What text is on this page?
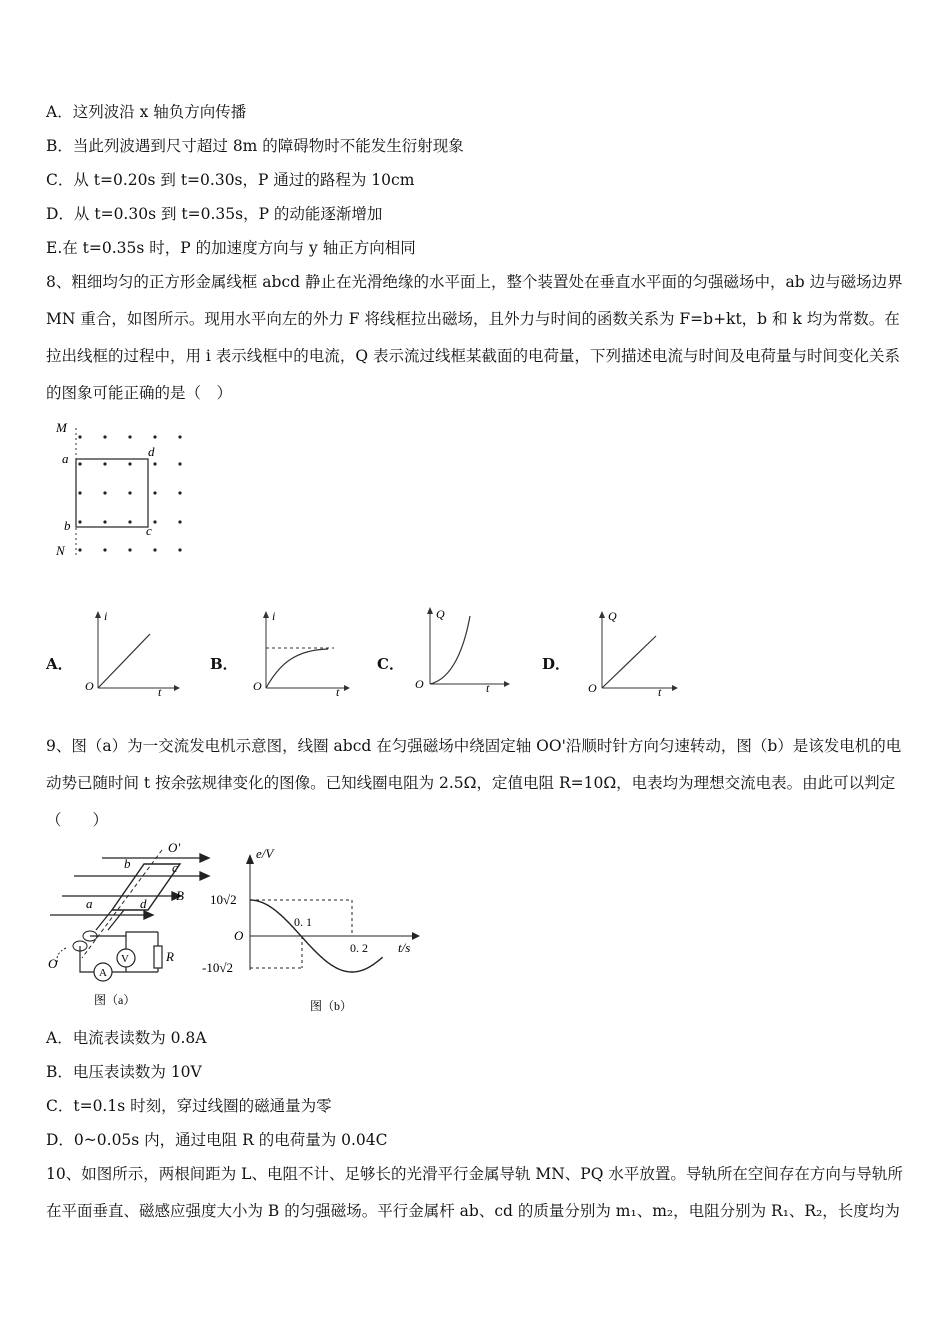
A．这列波沿 x 轴负方向传播
B．当此列波遇到尺寸超过 8m 的障碍物时不能发生衍射现象
C．从 t=0.20s 到 t=0.30s，P 通过的路程为 10cm
D．从 t=0.30s 到 t=0.35s，P 的动能逐渐增加
E.在 t=0.35s 时，P 的加速度方向与 y 轴正方向相同
8、粗细均匀的正方形金属线框 abcd 静止在光滑绝缘的水平面上，整个装置处在垂直水平面的匀强磁场中，ab 边与磁场边界 MN 重合，如图所示。现用水平向左的外力 F 将线框拉出磁场，且外力与时间的函数关系为 F=b+kt，b 和 k 均为常数。在拉出线框的过程中，用 i 表示线框中的电流，Q 表示流过线框某截面的电荷量，下列描述电流与时间及电荷量与时间变化关系的图象可能正确的是（　）
M
a	d
b	c
N
A．
i
t
O
B．
i
t
O
C．
Q
t
O
D．
Q
t
O
9、图（a）为一交流发电机示意图，线圈 abcd 在匀强磁场中绕固定轴 OO'沿顺时针方向匀速转动，图（b）是该发电机的电动势已随时间 t 按余弦规律变化的图像。已知线圈电阻为 2.5Ω，定值电阻 R=10Ω，电表均为理想交流电表。由此可以判定（　　）
V
A
R
O'
O
b	c
a	d
B
图（a）
e/V
t/s
10√2
-10√2
O
0. 1
0. 2
图（b）
A．电流表读数为 0.8A
B．电压表读数为 10V
C．t=0.1s 时刻，穿过线圈的磁通量为零
D．0~0.05s 内，通过电阻 R 的电荷量为 0.04C
10、如图所示，两根间距为 L、电阻不计、足够长的光滑平行金属导轨 MN、PQ 水平放置。导轨所在空间存在方向与导轨所在平面垂直、磁感应强度大小为 B 的匀强磁场。平行金属杆 ab、cd 的质量分别为 m₁、m₂，电阻分别为 R₁、R₂，长度均为
